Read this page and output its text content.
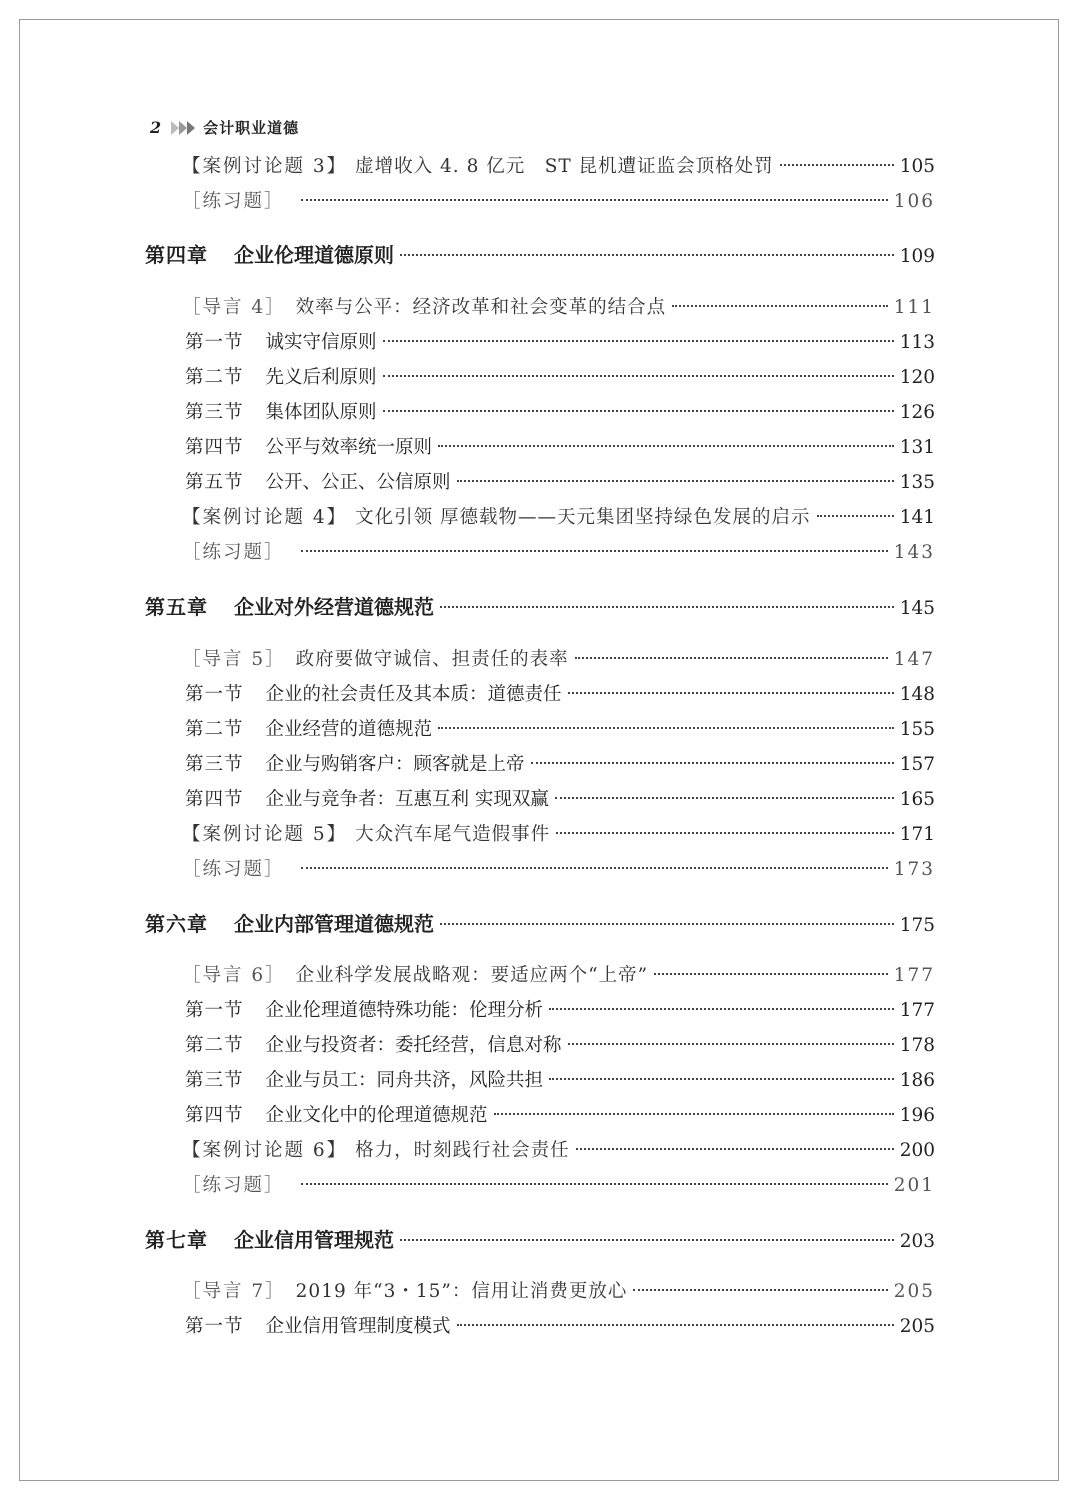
2	会计职业道德
【案例讨论题 3】 虚增收入 4. 8 亿元　ST 昆机遭证监会顶格处罚	105
［练习题］	106
第四章 企业伦理道德原则	109
［导言 4］ 效率与公平：经济改革和社会变革的结合点	111
第一节 诚实守信原则	113
第二节 先义后利原则	120
第三节 集体团队原则	126
第四节 公平与效率统一原则	131
第五节 公开、公正、公信原则	135
【案例讨论题 4】 文化引领 厚德载物——天元集团坚持绿色发展的启示	141
［练习题］	143
第五章 企业对外经营道德规范	145
［导言 5］ 政府要做守诚信、担责任的表率	147
第一节 企业的社会责任及其本质：道德责任	148
第二节 企业经营的道德规范	155
第三节 企业与购销客户：顾客就是上帝	157
第四节 企业与竞争者：互惠互利 实现双赢	165
【案例讨论题 5】 大众汽车尾气造假事件	171
［练习题］	173
第六章 企业内部管理道德规范	175
［导言 6］ 企业科学发展战略观：要适应两个“上帝”	177
第一节 企业伦理道德特殊功能：伦理分析	177
第二节 企业与投资者：委托经营，信息对称	178
第三节 企业与员工：同舟共济，风险共担	186
第四节 企业文化中的伦理道德规范	196
【案例讨论题 6】 格力，时刻践行社会责任	200
［练习题］	201
第七章 企业信用管理规范	203
［导言 7］ 2019 年“3・15”：信用让消费更放心	205
第一节 企业信用管理制度模式	205
